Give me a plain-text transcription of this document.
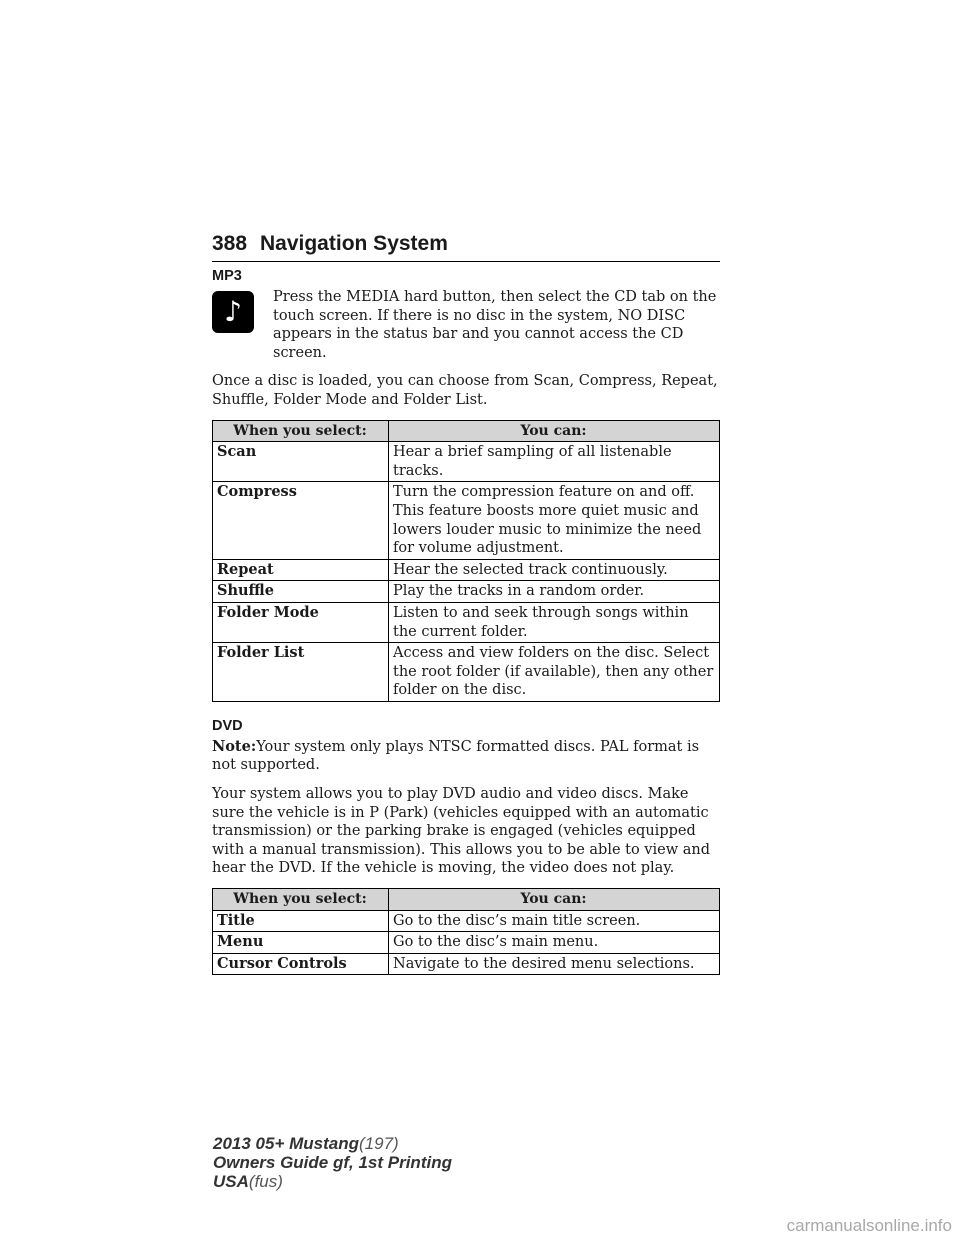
388 Navigation System
MP3
♪ Press the MEDIA hard button, then select the CD tab on the touch screen. If there is no disc in the system, NO DISC appears in the status bar and you cannot access the CD screen.

Once a disc is loaded, you can choose from Scan, Compress, Repeat, Shuffle, Folder Mode and Folder List.

When you select:	You can:
Scan	Hear a brief sampling of all listenable tracks.
Compress	Turn the compression feature on and off. This feature boosts more quiet music and lowers louder music to minimize the need for volume adjustment.
Repeat	Hear the selected track continuously.
Shuffle	Play the tracks in a random order.
Folder Mode	Listen to and seek through songs within the current folder.
Folder List	Access and view folders on the disc. Select the root folder (if available), then any other folder on the disc.
DVD

Note:Your system only plays NTSC formatted discs. PAL format is not supported.

Your system allows you to play DVD audio and video discs. Make sure the vehicle is in P (Park) (vehicles equipped with an automatic transmission) or the parking brake is engaged (vehicles equipped with a manual transmission). This allows you to be able to view and hear the DVD. If the vehicle is moving, the video does not play.

When you select:	You can:
Title	Go to the disc’s main title screen.
Menu	Go to the disc’s main menu.
Cursor Controls	Navigate to the desired menu selections.
2013 05+ Mustang(197)
Owners Guide gf, 1st Printing
USA(fus)
carmanualsonline.info
